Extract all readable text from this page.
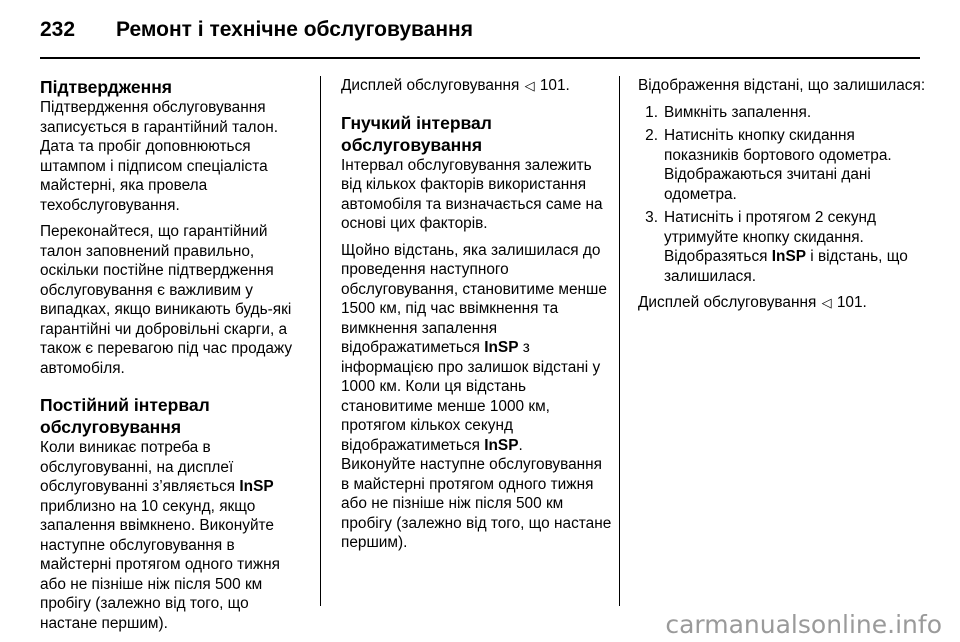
232 Ремонт і технічне обслуговування
Підтвердження

Підтвердження обслуговування записується в гарантійний талон. Дата та пробіг доповнюються штампом і підписом спеціаліста майстерні, яка провела техобслуговування.

Переконайтеся, що гарантійний талон заповнений правильно, оскільки постійне підтвердження обслуговування є важливим у випадках, якщо виникають будь-які гарантійні чи добровільні скарги, а також є перевагою під час продажу автомобіля.

Постійний інтервал обслуговування

Коли виникає потреба в обслуговуванні, на дисплеї обслуговуванні з’являється InSP приблизно на 10 секунд, якщо запалення ввімкнено. Виконуйте наступне обслуговування в майстерні протягом одного тижня або не пізніше ніж після 500 км пробігу (залежно від того, що настане першим).

Дисплей обслуговування ◁ 101.

Гнучкий інтервал обслуговування

Інтервал обслуговування залежить від кількох факторів використання автомобіля та визначається саме на основі цих факторів.

Щойно відстань, яка залишилася до проведення наступного обслуговування, становитиме менше 1500 км, під час ввімкнення та вимкнення запалення відображатиметься InSP з інформацією про залишок відстані у 1000 км. Коли ця відстань становитиме менше 1000 км, протягом кількох секунд відображатиметься InSP.
Виконуйте наступне обслуговування в майстерні протягом одного тижня або не пізніше ніж після 500 км пробігу (залежно від того, що настане першим).

Відображення відстані, що залишилася:

1. Вимкніть запалення.
2. Натисніть кнопку скидання показників бортового одометра. Відображаються зчитані дані одометра.
3. Натисніть і протягом 2 секунд утримуйте кнопку скидання. Відобразяться InSP і відстань, що залишилася.

Дисплей обслуговування ◁ 101.

carmanualsonline.info
